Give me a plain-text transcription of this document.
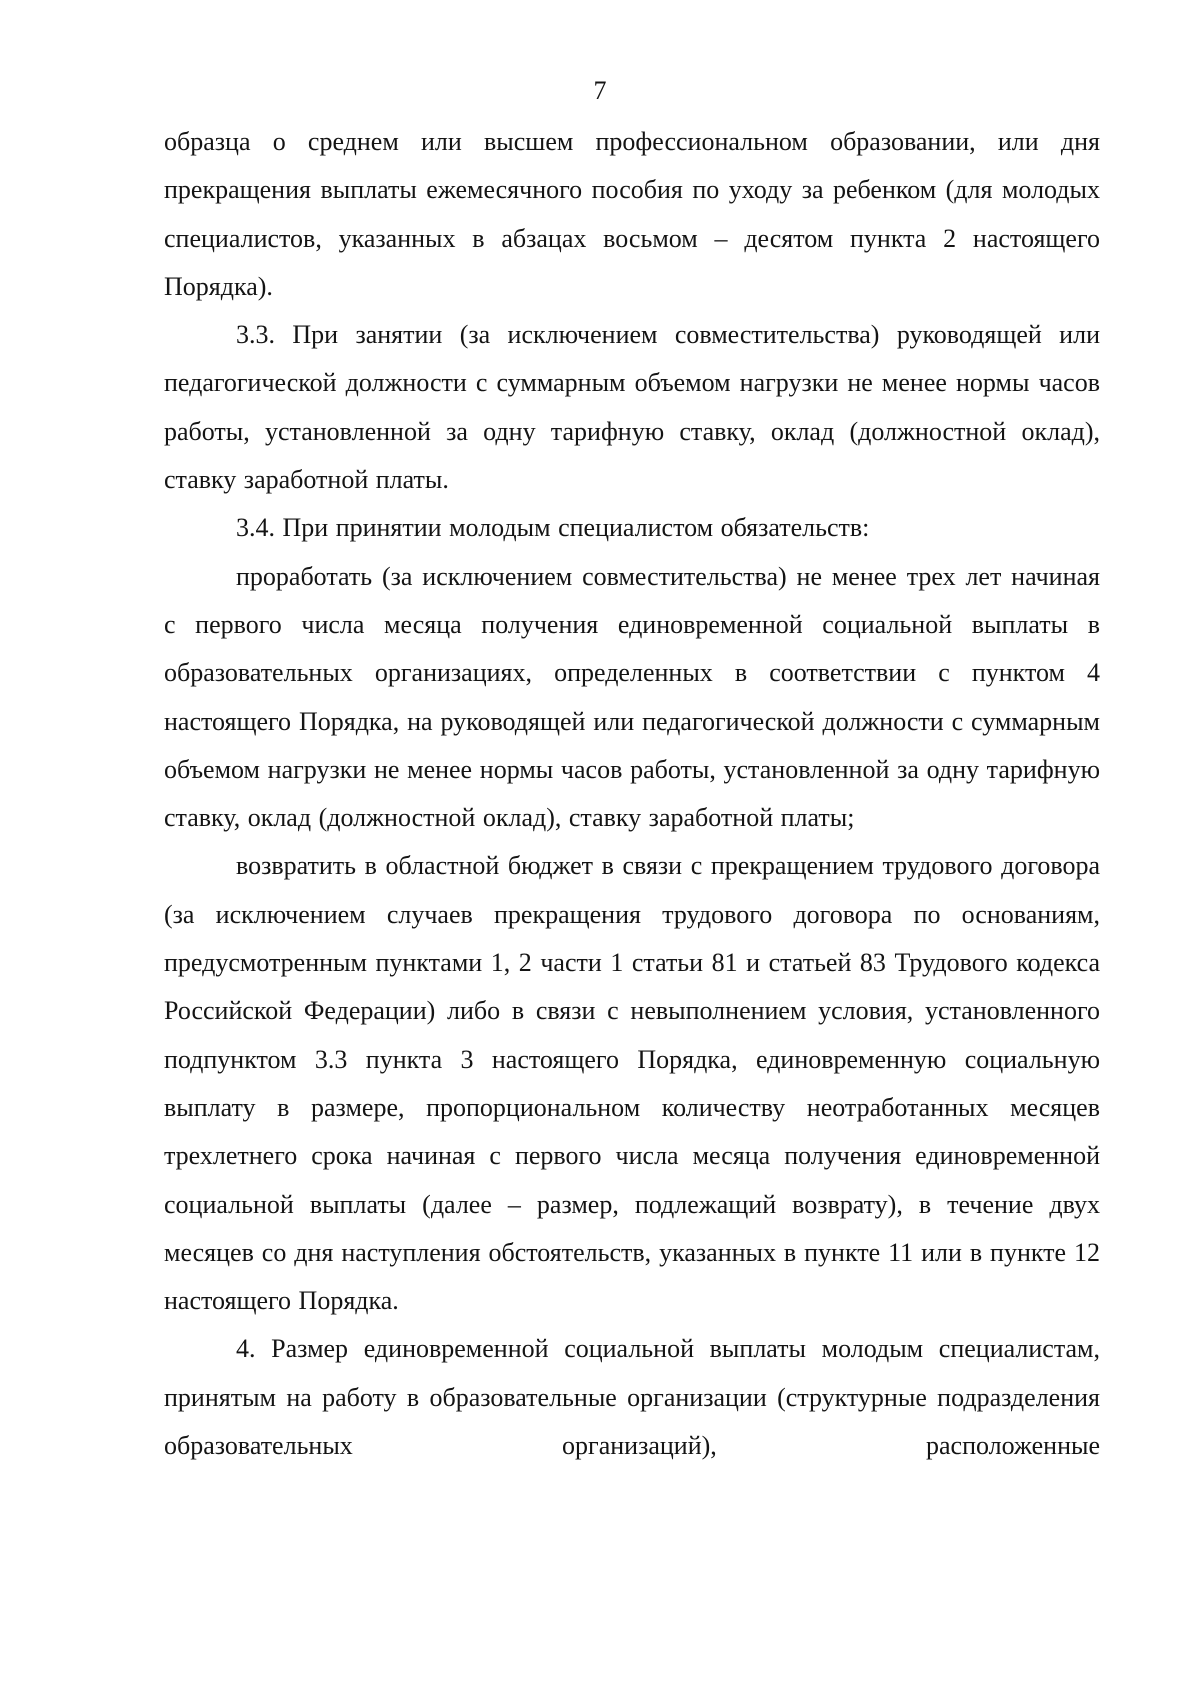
7

образца о среднем или высшем профессиональном образовании, или дня прекращения выплаты ежемесячного пособия по уходу за ребенком (для молодых специалистов, указанных в абзацах восьмом – десятом пункта 2 настоящего Порядка).

3.3. При занятии (за исключением совместительства) руководящей или педагогической должности с суммарным объемом нагрузки не менее нормы часов работы, установленной за одну тарифную ставку, оклад (должностной оклад), ставку заработной платы.

3.4. При принятии молодым специалистом обязательств:

проработать (за исключением совместительства) не менее трех лет начиная с первого числа месяца получения единовременной социальной выплаты в образовательных организациях, определенных в соответствии с пунктом 4 настоящего Порядка, на руководящей или педагогической должности с суммарным объемом нагрузки не менее нормы часов работы, установленной за одну тарифную ставку, оклад (должностной оклад), ставку заработной платы;

возвратить в областной бюджет в связи с прекращением трудового договора (за исключением случаев прекращения трудового договора по основаниям, предусмотренным пунктами 1, 2 части 1 статьи 81 и статьей 83 Трудового кодекса Российской Федерации) либо в связи с невыполнением условия, установленного подпунктом 3.3 пункта 3 настоящего Порядка, единовременную социальную выплату в размере, пропорциональном количеству неотработанных месяцев трехлетнего срока начиная с первого числа месяца получения единовременной социальной выплаты (далее – размер, подлежащий возврату), в течение двух месяцев со дня наступления обстоятельств, указанных в пункте 11 или в пункте 12 настоящего Порядка.

4. Размер единовременной социальной выплаты молодым специалистам, принятым на работу в образовательные организации (структурные подразделения образовательных организаций), расположенные
